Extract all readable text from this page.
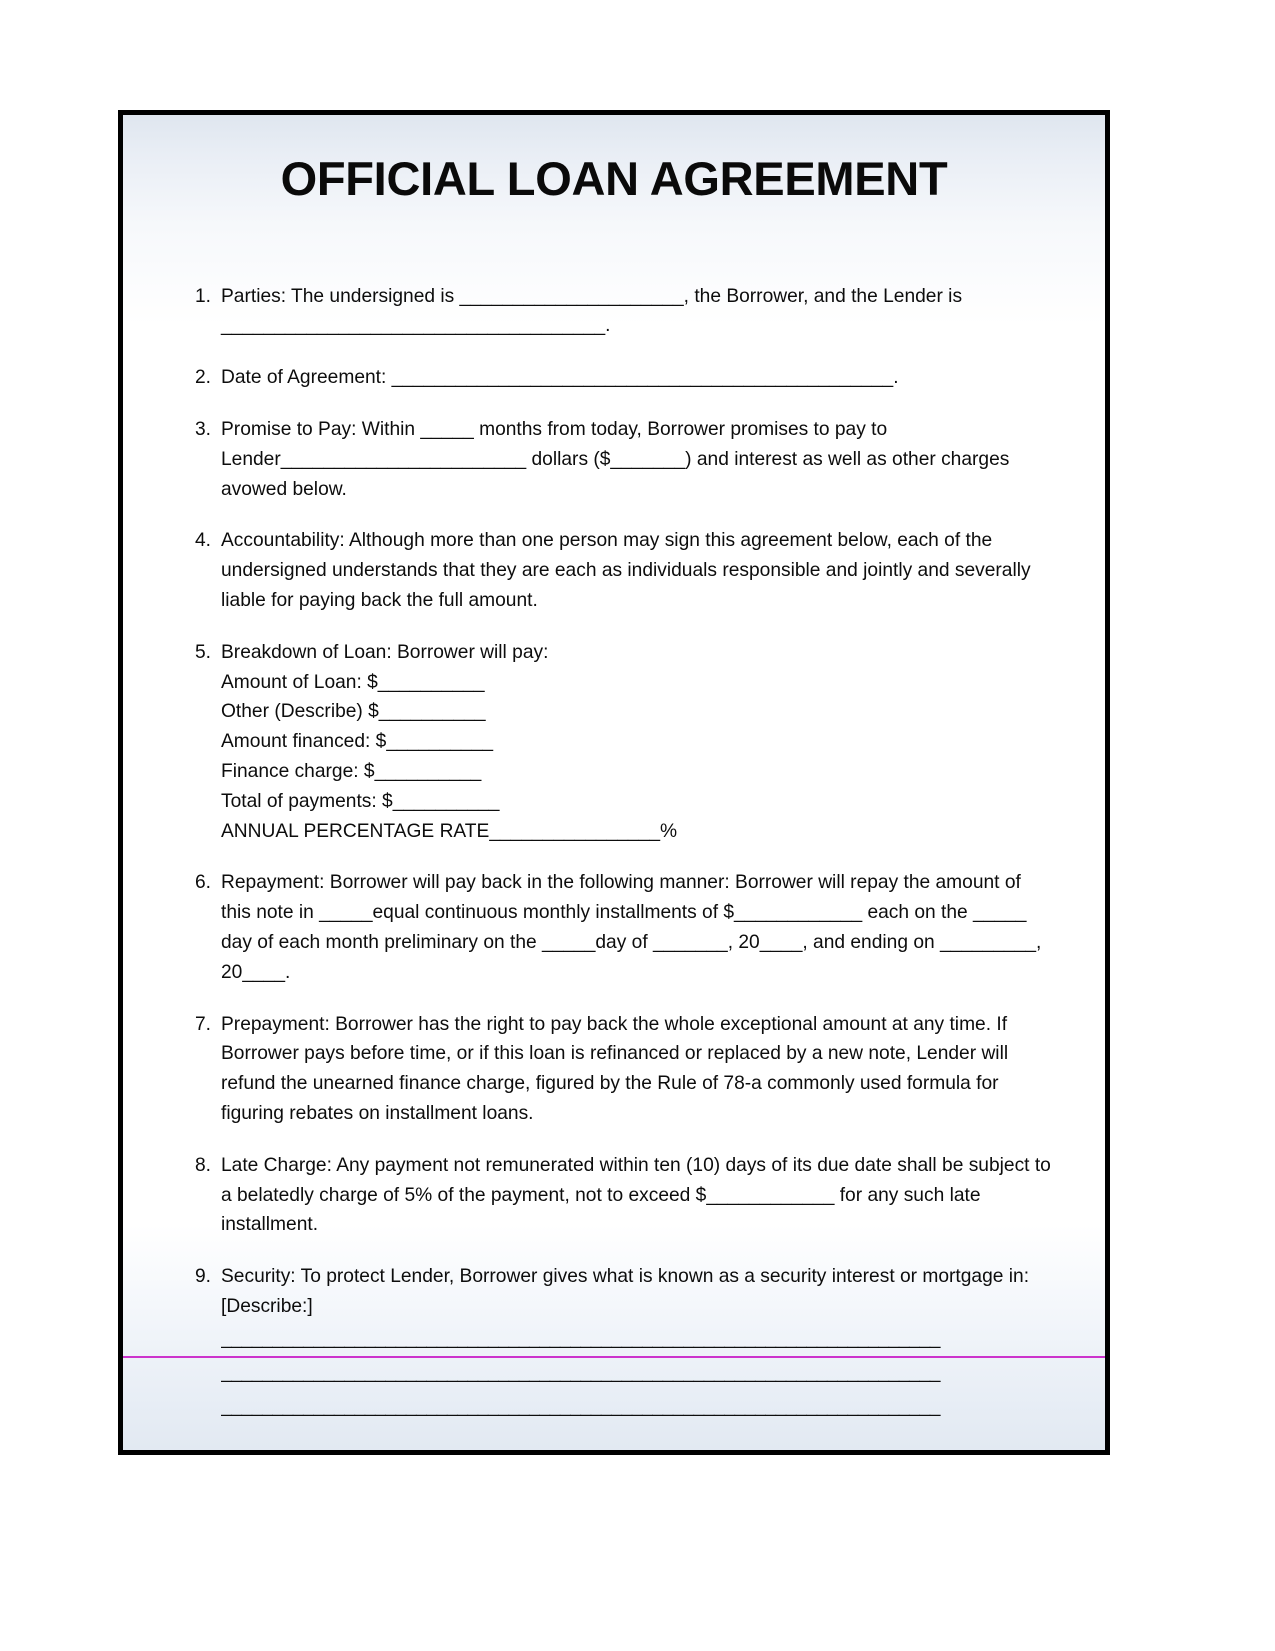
OFFICIAL LOAN AGREEMENT
1. Parties: The undersigned is _____________________, the Borrower, and the Lender is
____________________________________.
2. Date of Agreement: _______________________________________________.
3. Promise to Pay: Within _____ months from today, Borrower promises to pay to
Lender_______________________ dollars ($_______) and interest as well as other charges
avowed below.
4. Accountability: Although more than one person may sign this agreement below, each of the
undersigned understands that they are each as individuals responsible and jointly and severally
liable for paying back the full amount.
5. Breakdown of Loan: Borrower will pay:
Amount of Loan: $__________
Other (Describe) $__________
Amount financed: $__________
Finance charge: $__________
Total of payments: $__________
ANNUAL PERCENTAGE RATE________________%
6. Repayment: Borrower will pay back in the following manner: Borrower will repay the amount of
this note in _____equal continuous monthly installments of $____________ each on the _____
day of each month preliminary on the _____day of _______, 20____, and ending on _________,
20____.
7. Prepayment: Borrower has the right to pay back the whole exceptional amount at any time. If
Borrower pays before time, or if this loan is refinanced or replaced by a new note, Lender will
refund the unearned finance charge, figured by the Rule of 78-a commonly used formula for
figuring rebates on installment loans.
8. Late Charge: Any payment not remunerated within ten (10) days of its due date shall be subject to
a belatedly charge of 5% of the payment, not to exceed $____________ for any such late
installment.
9. Security: To protect Lender, Borrower gives what is known as a security interest or mortgage in:
[Describe:]
______________________________________________________________________
______________________________________________________________________
______________________________________________________________________
